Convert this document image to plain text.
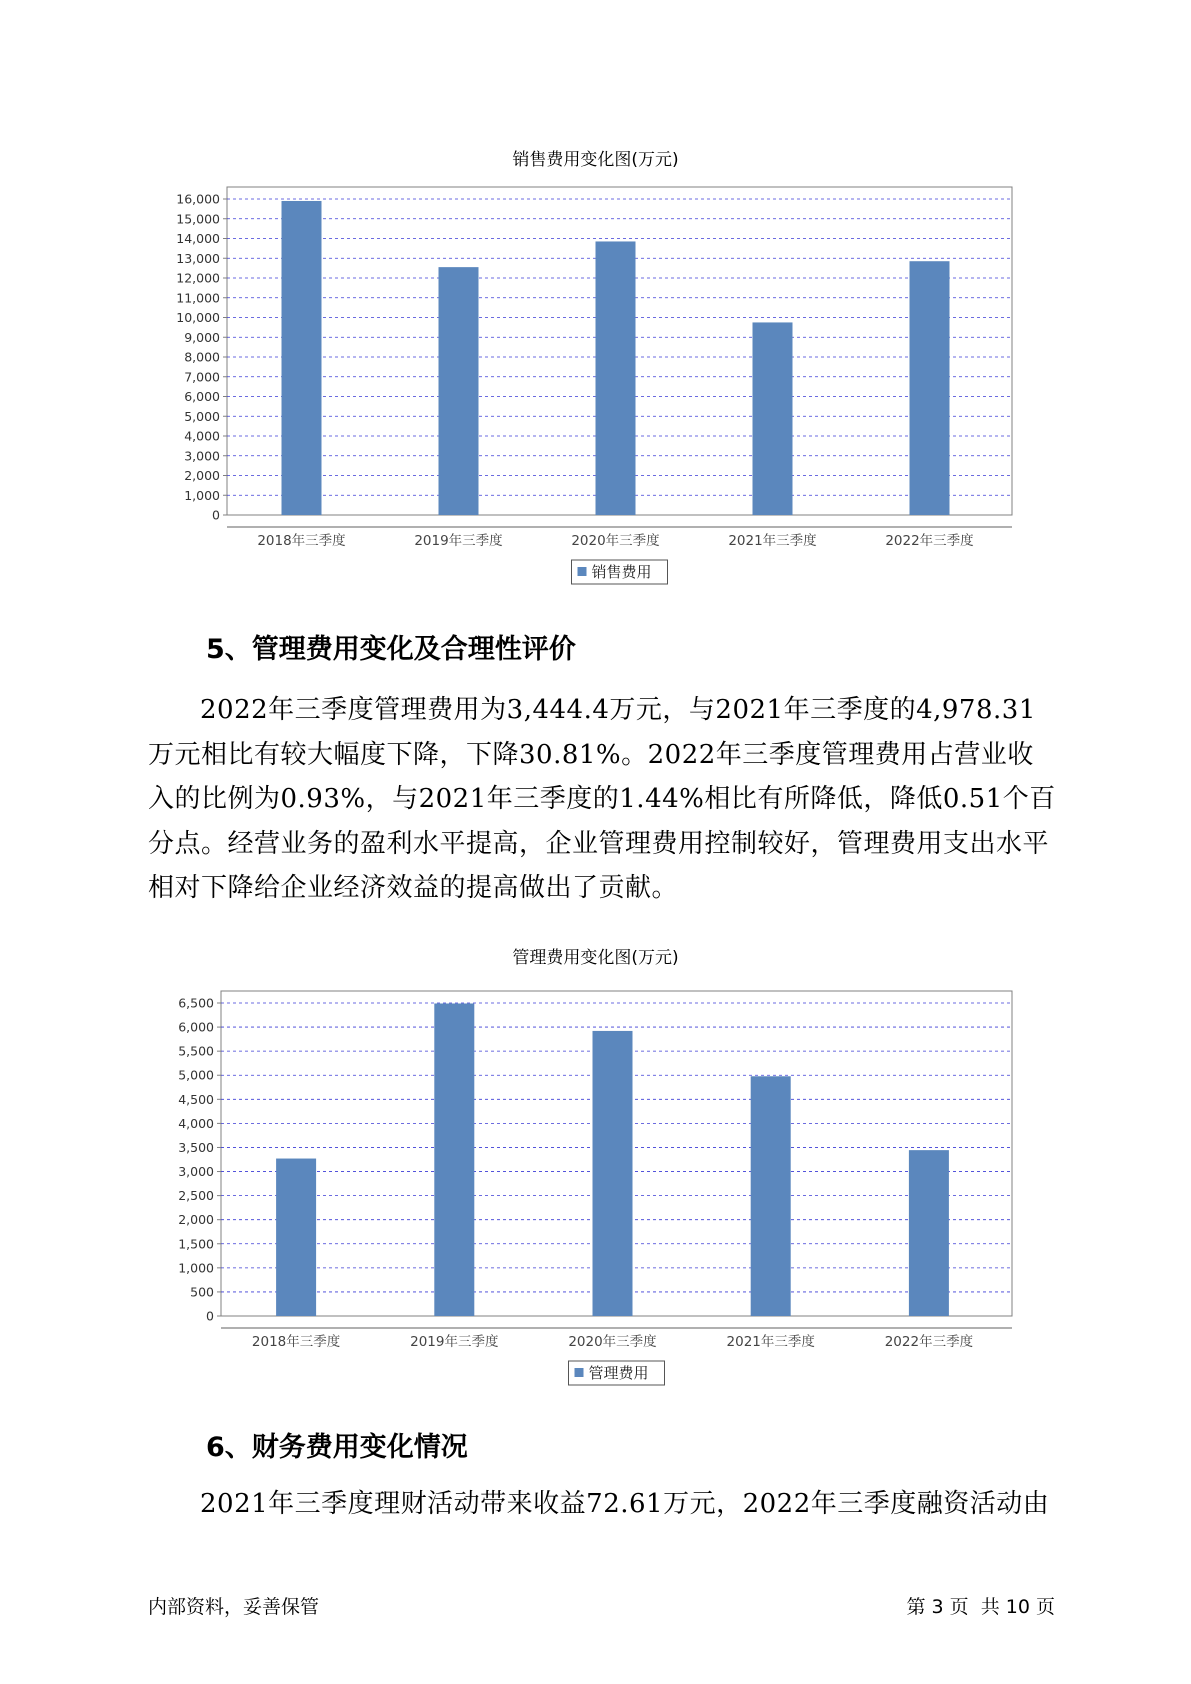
销售费用变化图(万元)
0
1,000
2,000
3,000
4,000
5,000
6,000
7,000
8,000
9,000
10,000
11,000
12,000
13,000
14,000
15,000
16,000
2018年三季度	2019年三季度	2020年三季度	2021年三季度	2022年三季度
销售费用
5、管理费用变化及合理性评价

2022年三季度管理费用为3,444.4万元，与2021年三季度的4,978.31万元相比有较大幅度下降，下降30.81%。2022年三季度管理费用占营业收入的比例为0.93%，与2021年三季度的1.44%相比有所降低，降低0.51个百分点。经营业务的盈利水平提高，企业管理费用控制较好，管理费用支出水平相对下降给企业经济效益的提高做出了贡献。

管理费用变化图(万元)
0
500
1,000
1,500
2,000
2,500
3,000
3,500
4,000
4,500
5,000
5,500
6,000
6,500
2018年三季度	2019年三季度	2020年三季度	2021年三季度	2022年三季度
管理费用
6、财务费用变化情况

2021年三季度理财活动带来收益72.61万元，2022年三季度融资活动由

内部资料，妥善保管	第 3 页  共 10 页
